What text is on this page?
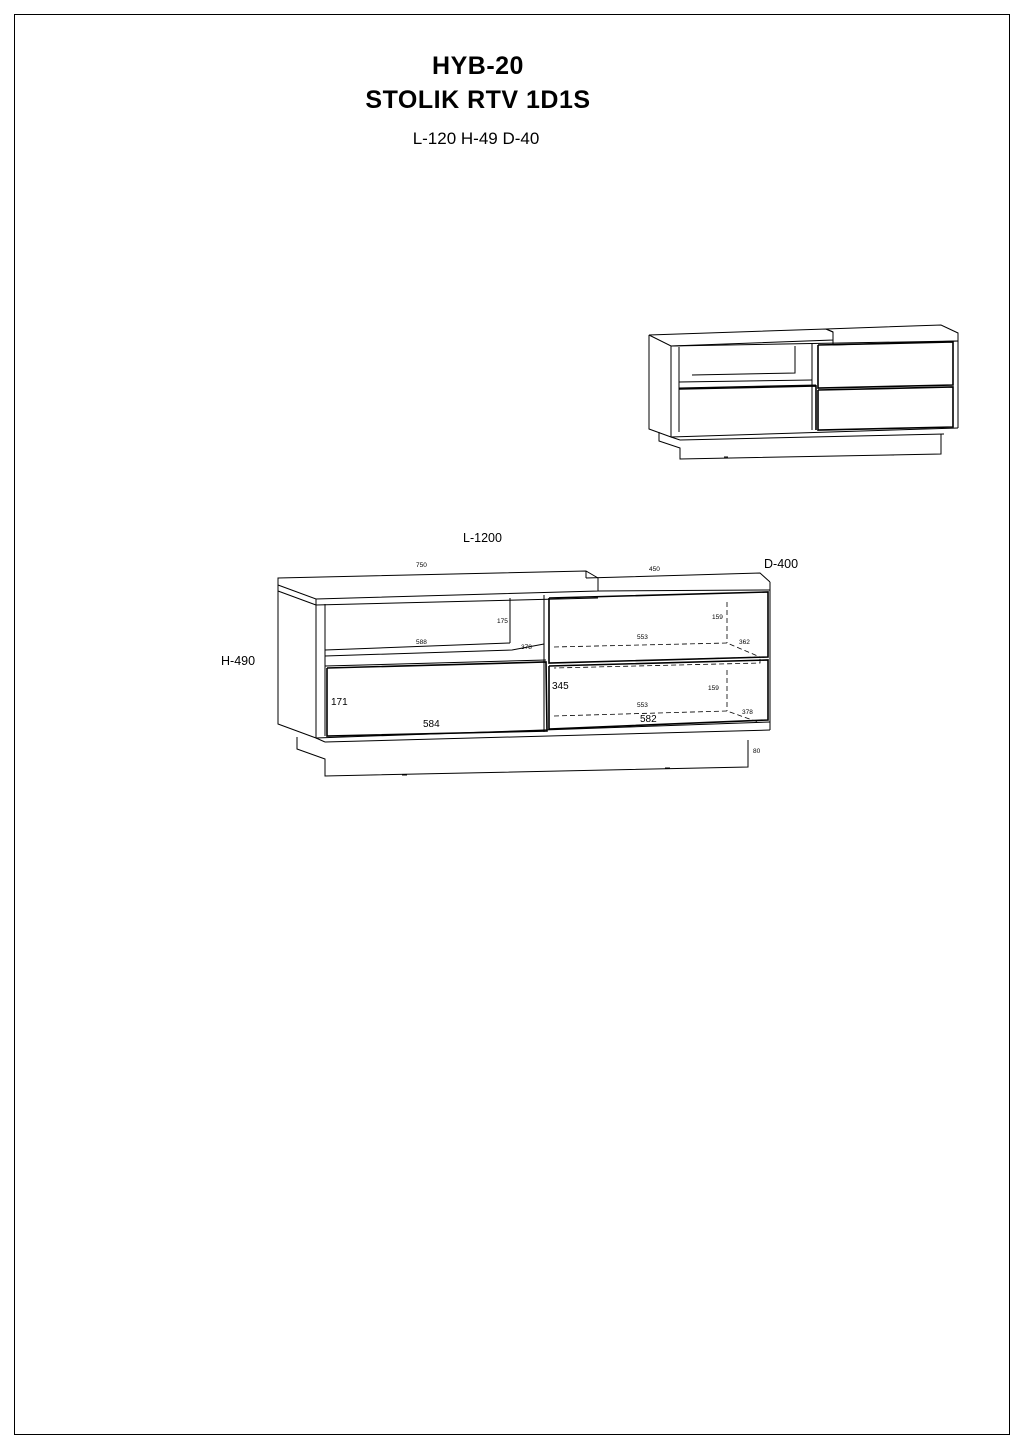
HYB-20
STOLIK RTV 1D1S
L-120 H-49 D-40
L-1200
H-490
D-400
750
450
175
588
378
159
553
362
345	159
553
378
582
171
584
80
